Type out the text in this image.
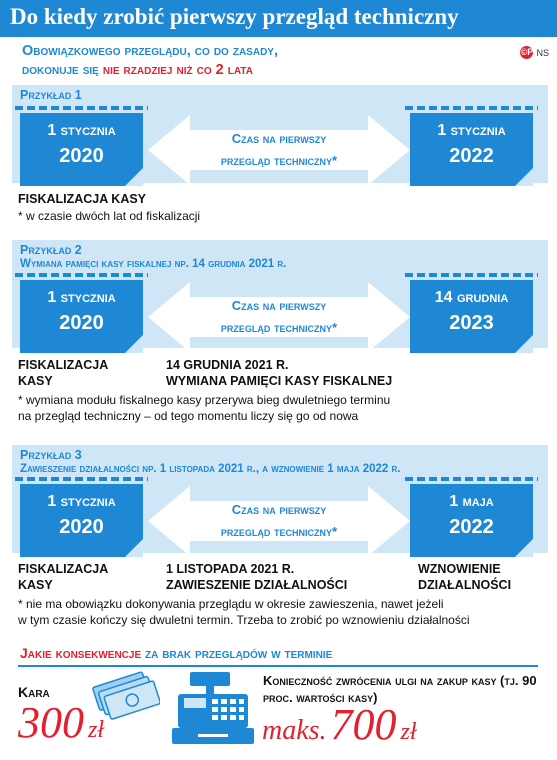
Do kiedy zrobić pierwszy przegląd techniczny
Obowiązkowego przeglądu, co do zasady,
dokonuje się nie rzadziej niż co 2 lata
©P NS
Przykład 1
1 stycznia
2020
Czas na pierwszy
przegląd techniczny*
1 stycznia
2022
FISKALIZACJA KASY
* w czasie dwóch lat od fiskalizacji
Przykład 2
Wymiana pamięci kasy fiskalnej np. 14 grudnia 2021 r.
1 stycznia
2020
Czas na pierwszy
przegląd techniczny*
14 grudnia
2023
FISKALIZACJA
KASY
14 GRUDNIA 2021 R.
WYMIANA PAMIĘCI KASY FISKALNEJ
* wymiana modułu fiskalnego kasy przerywa bieg dwuletniego terminu
na przegląd techniczny – od tego momentu liczy się go od nowa
Przykład 3
Zawieszenie działalności np. 1 listopada 2021 r., a wznowienie 1 maja 2022 r.
1 stycznia
2020
Czas na pierwszy
przegląd techniczny*
1 maja
2022
FISKALIZACJA
KASY
1 LISTOPADA 2021 R.
ZAWIESZENIE DZIAŁALNOŚCI
WZNOWIENIE
DZIAŁALNOŚCI
* nie ma obowiązku dokonywania przeglądu w okresie zawieszenia, nawet jeżeli
w tym czasie kończy się dwuletni termin. Trzeba to zrobić po wznowieniu działalności
Jakie konsekwencje za brak przeglądów w terminie
Kara
300 zł
Konieczność zwrócenia ulgi na zakup kasy (tj. 90 proc. wartości kasy)
maks. 700 zł
